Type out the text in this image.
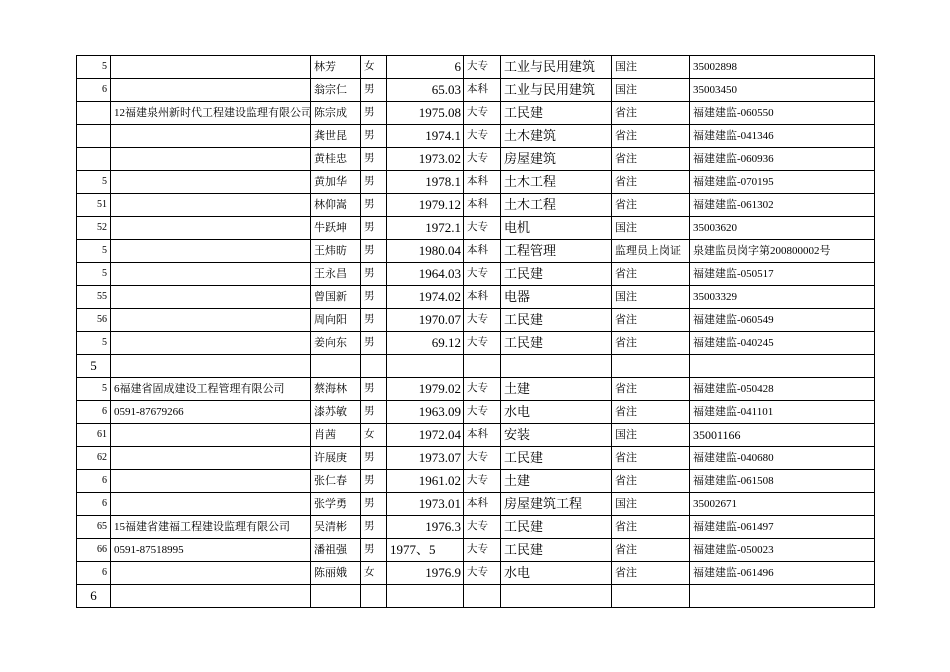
5		林芳	女	6	大专	工业与民用建筑	国注	35002898
6		翁宗仁	男	65.03	本科	工业与民用建筑	国注	35003450
	12福建泉州新时代工程建设监理有限公司	陈宗成	男	1975.08	大专	工民建	省注	福建建监-060550
		龚世昆	男	1974.1	大专	土木建筑	省注	福建建监-041346
		黄桂忠	男	1973.02	大专	房屋建筑	省注	福建建监-060936
5		黄加华	男	1978.1	本科	土木工程	省注	福建建监-070195
51		林仰嵩	男	1979.12	本科	土木工程	省注	福建建监-061302
52		牛跃坤	男	1972.1	大专	电机	国注	35003620
5		王炜昉	男	1980.04	本科	工程管理	监理员上岗证	泉建监员岗字第200800002号
5		王永昌	男	1964.03	大专	工民建	省注	福建建监-050517
55		曾国新	男	1974.02	本科	电器	国注	35003329
56		周向阳	男	1970.07	大专	工民建	省注	福建建监-060549
5		姜向东	男	69.12	大专	工民建	省注	福建建监-040245
5								
5	6福建省固成建设工程管理有限公司	蔡海林	男	1979.02	大专	土建	省注	福建建监-050428
6	0591-87679266	漆苏敏	男	1963.09	大专	水电	省注	福建建监-041101
61		肖茜	女	1972.04	本科	安装	国注	35001166
62		许展庚	男	1973.07	大专	工民建	省注	福建建监-040680
6		张仁春	男	1961.02	大专	土建	省注	福建建监-061508
6		张学勇	男	1973.01	本科	房屋建筑工程	国注	35002671
65	15福建省建福工程建设监理有限公司	吴清彬	男	1976.3	大专	工民建	省注	福建建监-061497
66	0591-87518995	潘祖强	男	1977、5	大专	工民建	省注	福建建监-050023
6		陈丽娥	女	1976.9	大专	水电	省注	福建建监-061496
6								
